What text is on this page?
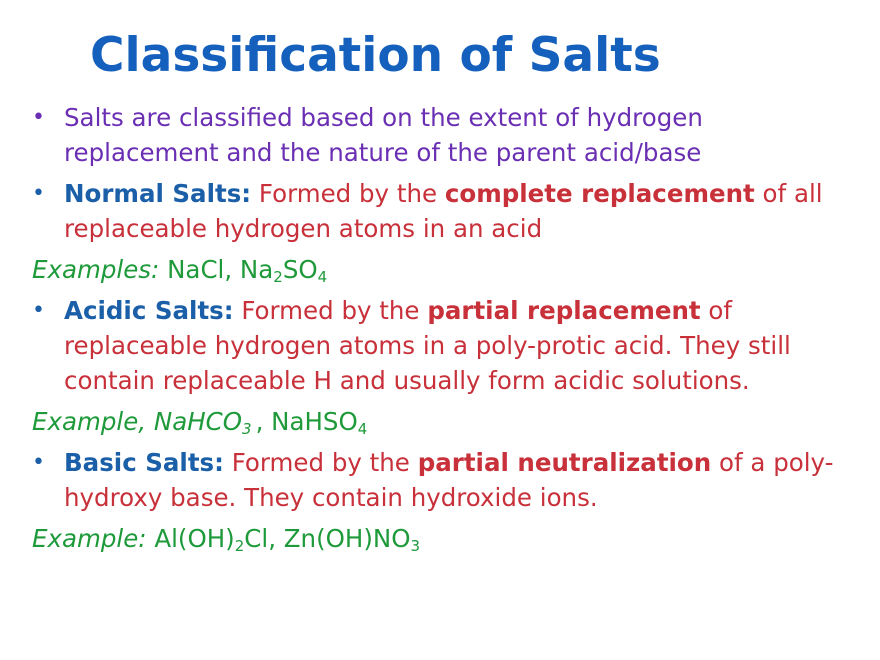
Classification of Salts
• Salts are classified based on the extent of hydrogen replacement and the nature of the parent acid/base
• Normal Salts: Formed by the complete replacement of all replaceable hydrogen atoms in an acid
Examples: NaCl, $Na_2SO_4$
• Acidic Salts: Formed by the partial replacement of replaceable hydrogen atoms in a poly-protic acid. They still contain replaceable H and usually form acidic solutions.
Example, NaHCO$_3$ , NaHSO$_4$
• Basic Salts: Formed by the partial neutralization of a poly-hydroxy base. They contain hydroxide ions.
Example: $Al(OH)_2Cl$, $Zn(OH)NO_3$
